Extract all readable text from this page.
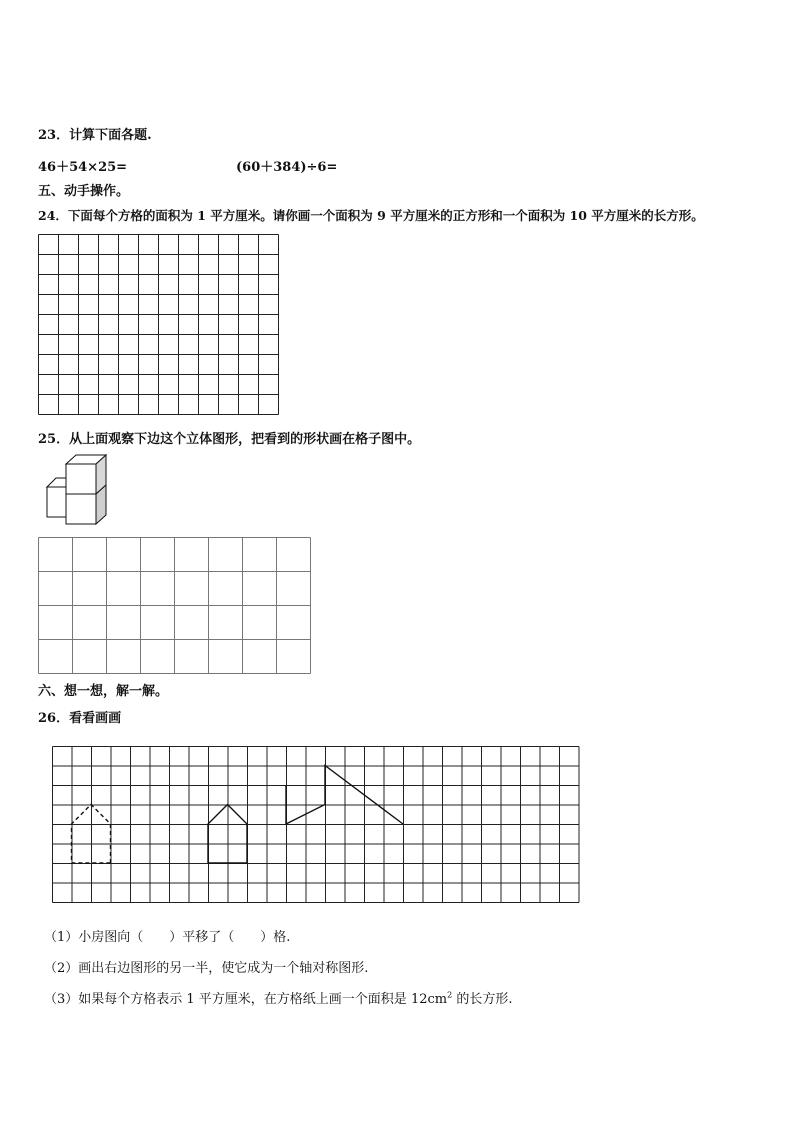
23．计算下面各题.
46＋54×25=	(60＋384)÷6=
五、动手操作。
24．下面每个方格的面积为 1 平方厘米。请你画一个面积为 9 平方厘米的正方形和一个面积为 10 平方厘米的长方形。
25．从上面观察下边这个立体图形，把看到的形状画在格子图中。
六、想一想，解一解。
26．看看画画
（1）小房图向（　　）平移了（　　）格.
（2）画出右边图形的另一半，使它成为一个轴对称图形.
（3）如果每个方格表示 1 平方厘米，在方格纸上画一个面积是 $12cm^2$ 的长方形.
